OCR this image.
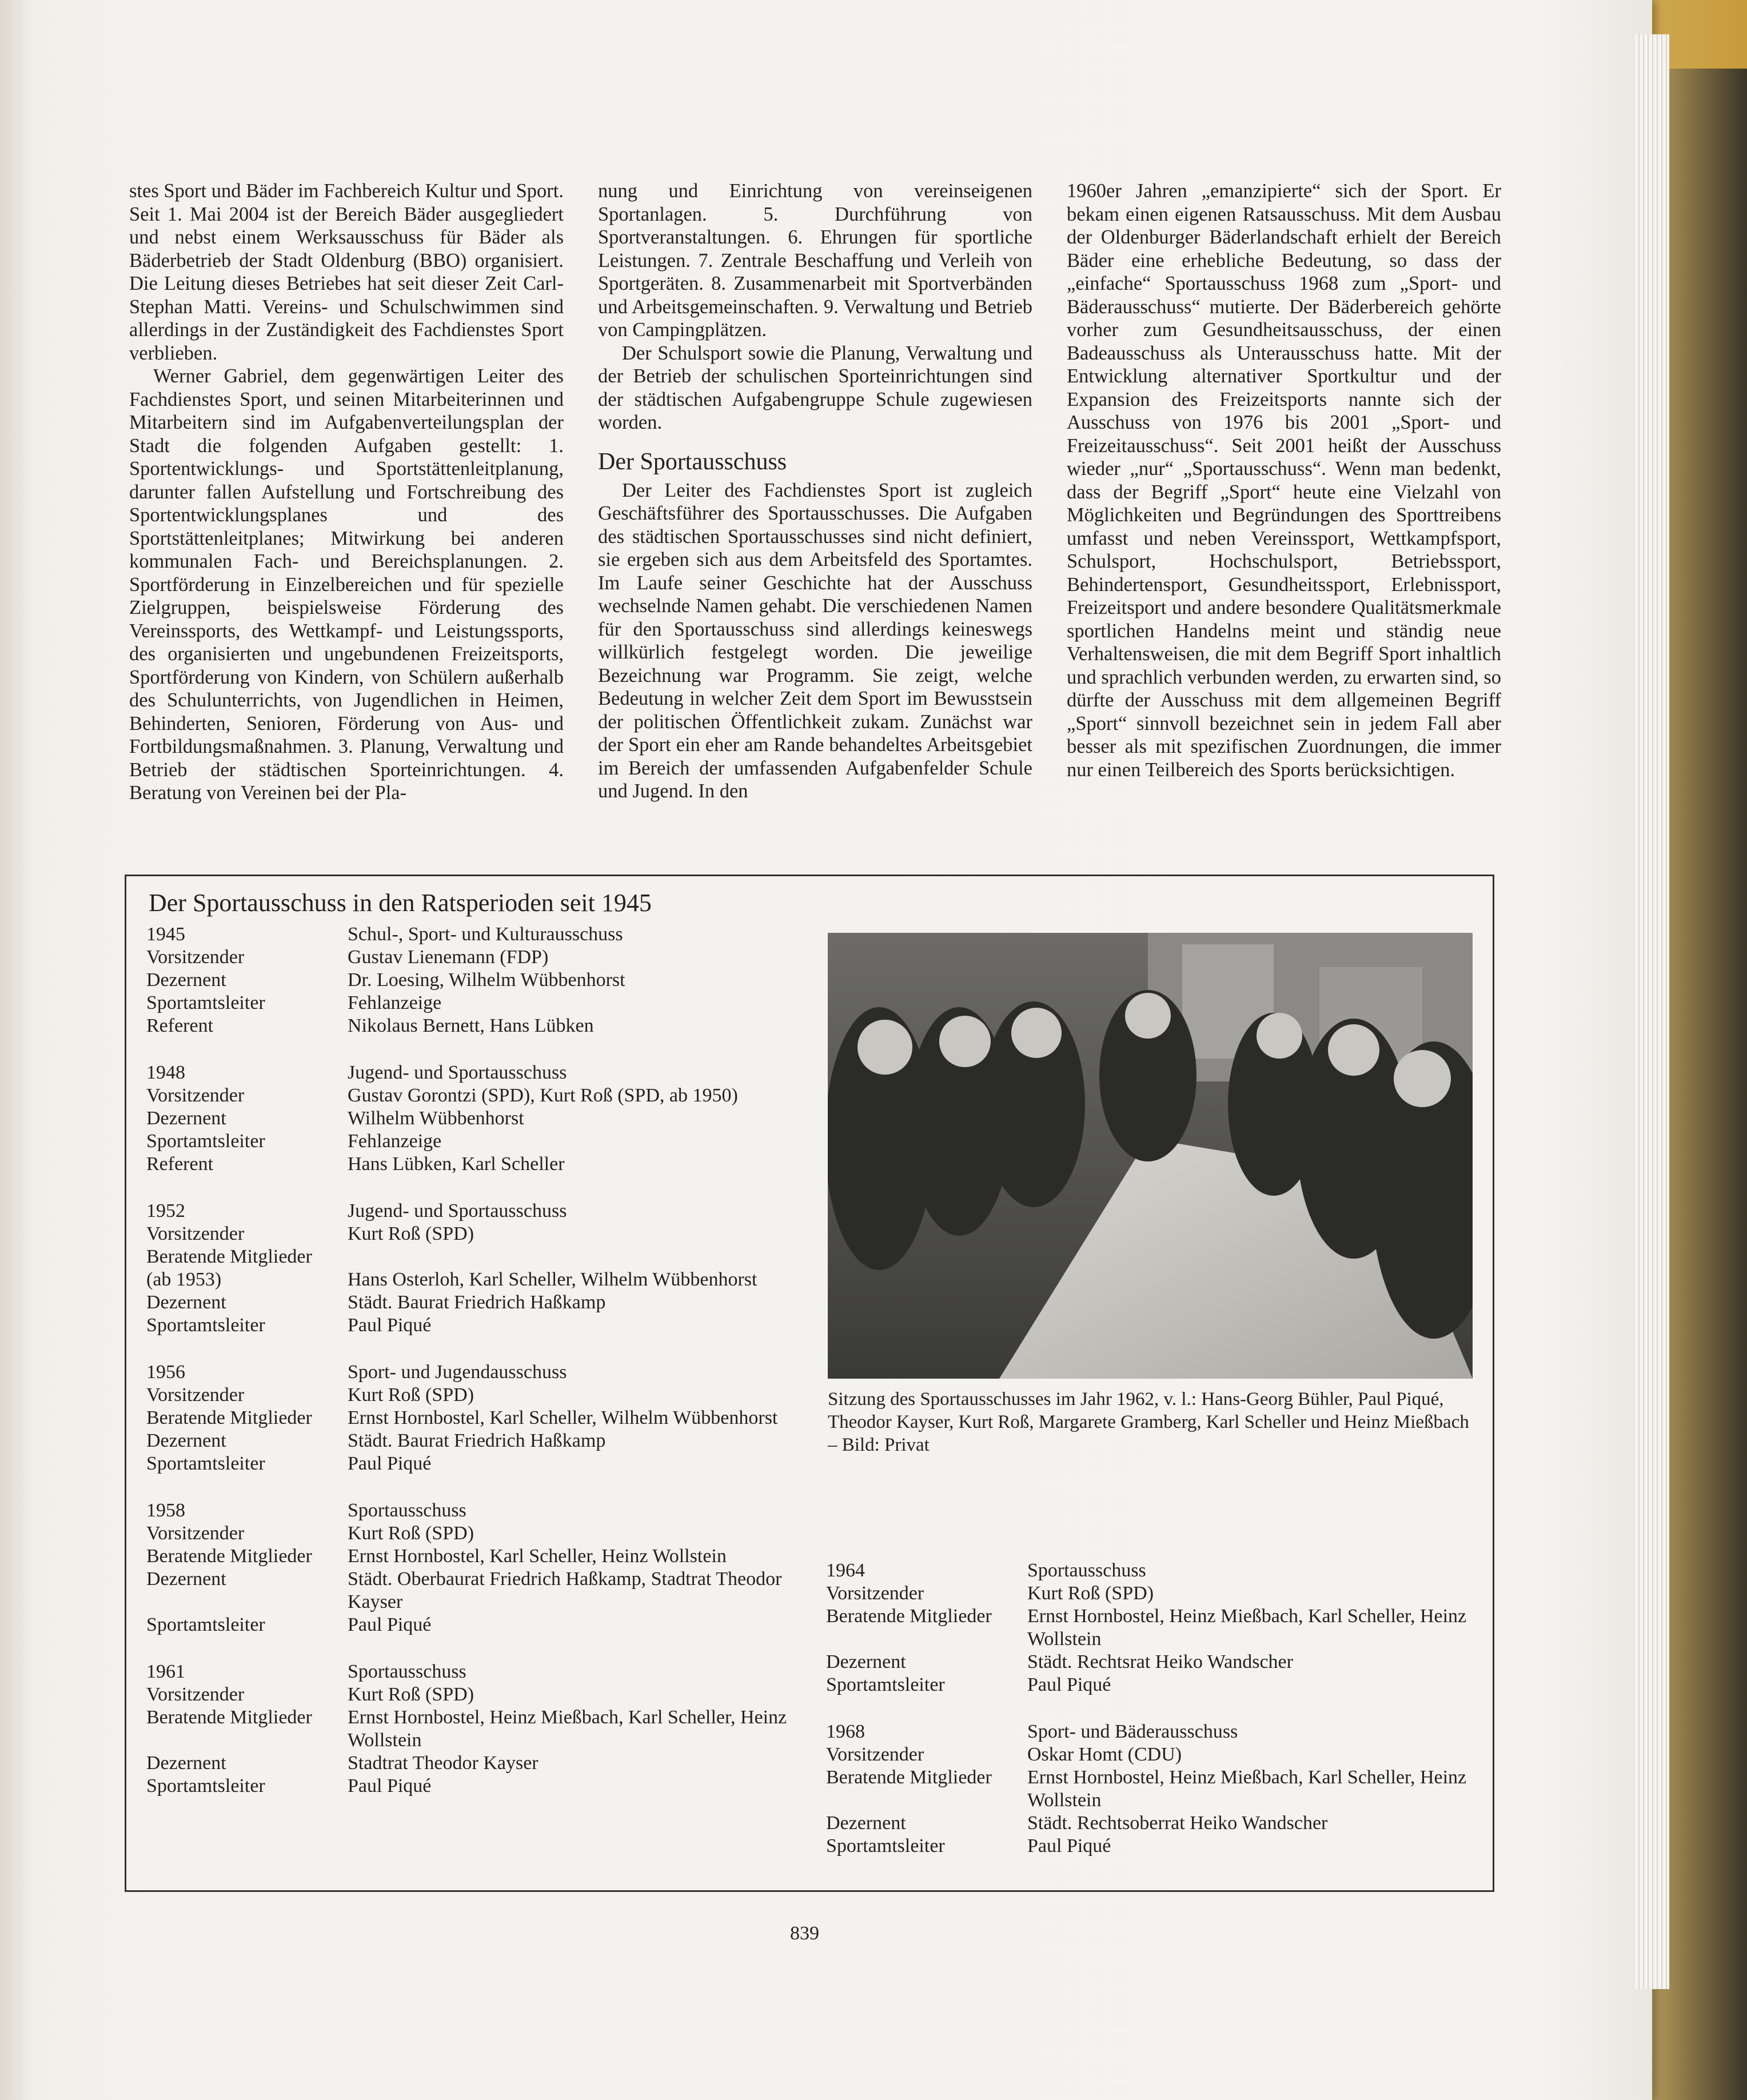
stes Sport und Bäder im Fachbereich Kultur und Sport. Seit 1. Mai 2004 ist der Bereich Bäder ausgegliedert und nebst einem Werksausschuss für Bäder als Bäderbetrieb der Stadt Oldenburg (BBO) organisiert. Die Leitung dieses Betriebes hat seit dieser Zeit Carl-Stephan Matti. Vereins- und Schulschwimmen sind allerdings in der Zuständigkeit des Fachdienstes Sport verblieben.

Werner Gabriel, dem gegenwärtigen Leiter des Fachdienstes Sport, und seinen Mitarbeiterinnen und Mitarbeitern sind im Aufgabenverteilungsplan der Stadt die folgenden Aufgaben gestellt: 1. Sportentwicklungs- und Sportstättenleitplanung, darunter fallen Aufstellung und Fortschreibung des Sportentwicklungsplanes und des Sportstättenleitplanes; Mitwirkung bei anderen kommunalen Fach- und Bereichsplanungen. 2. Sportförderung in Einzelbereichen und für spezielle Zielgruppen, beispielsweise Förderung des Vereinssports, des Wettkampf- und Leistungssports, des organisierten und ungebundenen Freizeitsports, Sportförderung von Kindern, von Schülern außerhalb des Schulunterrichts, von Jugendlichen in Heimen, Behinderten, Senioren, Förderung von Aus- und Fortbildungsmaßnahmen. 3. Planung, Verwaltung und Betrieb der städtischen Sporteinrichtungen. 4. Beratung von Vereinen bei der Pla-

nung und Einrichtung von vereinseigenen Sportanlagen. 5. Durchführung von Sportveranstaltungen. 6. Ehrungen für sportliche Leistungen. 7. Zentrale Beschaffung und Verleih von Sportgeräten. 8. Zusammenarbeit mit Sportverbänden und Arbeitsgemeinschaften. 9. Verwaltung und Betrieb von Campingplätzen.

Der Schulsport sowie die Planung, Verwaltung und der Betrieb der schulischen Sporteinrichtungen sind der städtischen Aufgabengruppe Schule zugewiesen worden.

Der Sportausschuss

Der Leiter des Fachdienstes Sport ist zugleich Geschäftsführer des Sportausschusses. Die Aufgaben des städtischen Sportausschusses sind nicht definiert, sie ergeben sich aus dem Arbeitsfeld des Sportamtes. Im Laufe seiner Geschichte hat der Ausschuss wechselnde Namen gehabt. Die verschiedenen Namen für den Sportausschuss sind allerdings keineswegs willkürlich festgelegt worden. Die jeweilige Bezeichnung war Programm. Sie zeigt, welche Bedeutung in welcher Zeit dem Sport im Bewusstsein der politischen Öffentlichkeit zukam. Zunächst war der Sport ein eher am Rande behandeltes Arbeitsgebiet im Bereich der umfassenden Aufgabenfelder Schule und Jugend. In den

1960er Jahren „emanzipierte“ sich der Sport. Er bekam einen eigenen Ratsausschuss. Mit dem Ausbau der Oldenburger Bäderlandschaft erhielt der Bereich Bäder eine erhebliche Bedeutung, so dass der „einfache“ Sportausschuss 1968 zum „Sport- und Bäderausschuss“ mutierte. Der Bäderbereich gehörte vorher zum Gesundheitsausschuss, der einen Badeausschuss als Unterausschuss hatte. Mit der Entwicklung alternativer Sportkultur und der Expansion des Freizeitsports nannte sich der Ausschuss von 1976 bis 2001 „Sport- und Freizeitausschuss“. Seit 2001 heißt der Ausschuss wieder „nur“ „Sportausschuss“. Wenn man bedenkt, dass der Begriff „Sport“ heute eine Vielzahl von Möglichkeiten und Begründungen des Sporttreibens umfasst und neben Vereinssport, Wettkampfsport, Schulsport, Hochschulsport, Betriebssport, Behindertensport, Gesundheitssport, Erlebnissport, Freizeitsport und andere besondere Qualitätsmerkmale sportlichen Handelns meint und ständig neue Verhaltensweisen, die mit dem Begriff Sport inhaltlich und sprachlich verbunden werden, zu erwarten sind, so dürfte der Ausschuss mit dem allgemeinen Begriff „Sport“ sinnvoll bezeichnet sein in jedem Fall aber besser als mit spezifischen Zuordnungen, die immer nur einen Teilbereich des Sports berücksichtigen.

Der Sportausschuss in den Ratsperioden seit 1945
1945	Schul-, Sport- und Kulturausschuss
Vorsitzender	Gustav Lienemann (FDP)
Dezernent	Dr. Loesing, Wilhelm Wübbenhorst
Sportamtsleiter	Fehlanzeige
Referent	Nikolaus Bernett, Hans Lübken
1948	Jugend- und Sportausschuss
Vorsitzender	Gustav Gorontzi (SPD), Kurt Roß (SPD, ab 1950)
Dezernent	Wilhelm Wübbenhorst
Sportamtsleiter	Fehlanzeige
Referent	Hans Lübken, Karl Scheller
1952	Jugend- und Sportausschuss
Vorsitzender	Kurt Roß (SPD)
Beratende Mitglieder
(ab 1953)	Hans Osterloh, Karl Scheller, Wilhelm Wübbenhorst
Dezernent	Städt. Baurat Friedrich Haßkamp
Sportamtsleiter	Paul Piqué
1956	Sport- und Jugendausschuss
Vorsitzender	Kurt Roß (SPD)
Beratende Mitglieder	Ernst Hornbostel, Karl Scheller, Wilhelm Wübbenhorst
Dezernent	Städt. Baurat Friedrich Haßkamp
Sportamtsleiter	Paul Piqué
1958	Sportausschuss
Vorsitzender	Kurt Roß (SPD)
Beratende Mitglieder	Ernst Hornbostel, Karl Scheller, Heinz Wollstein
Dezernent	Städt. Oberbaurat Friedrich Haßkamp, Stadtrat Theodor Kayser
Sportamtsleiter	Paul Piqué
1961	Sportausschuss
Vorsitzender	Kurt Roß (SPD)
Beratende Mitglieder	Ernst Hornbostel, Heinz Mießbach, Karl Scheller, Heinz Wollstein
Dezernent	Stadtrat Theodor Kayser
Sportamtsleiter	Paul Piqué
1964	Sportausschuss
Vorsitzender	Kurt Roß (SPD)
Beratende Mitglieder	Ernst Hornbostel, Heinz Mießbach, Karl Scheller, Heinz Wollstein
Dezernent	Städt. Rechtsrat Heiko Wandscher
Sportamtsleiter	Paul Piqué
1968	Sport- und Bäderausschuss
Vorsitzender	Oskar Homt (CDU)
Beratende Mitglieder	Ernst Hornbostel, Heinz Mießbach, Karl Scheller, Heinz Wollstein
Dezernent	Städt. Rechtsoberrat Heiko Wandscher
Sportamtsleiter	Paul Piqué
Sitzung des Sportausschusses im Jahr 1962, v. l.: Hans-Georg Bühler, Paul Piqué, Theodor Kayser, Kurt Roß, Margarete Gramberg, Karl Scheller und Heinz Mießbach – Bild: Privat
839
